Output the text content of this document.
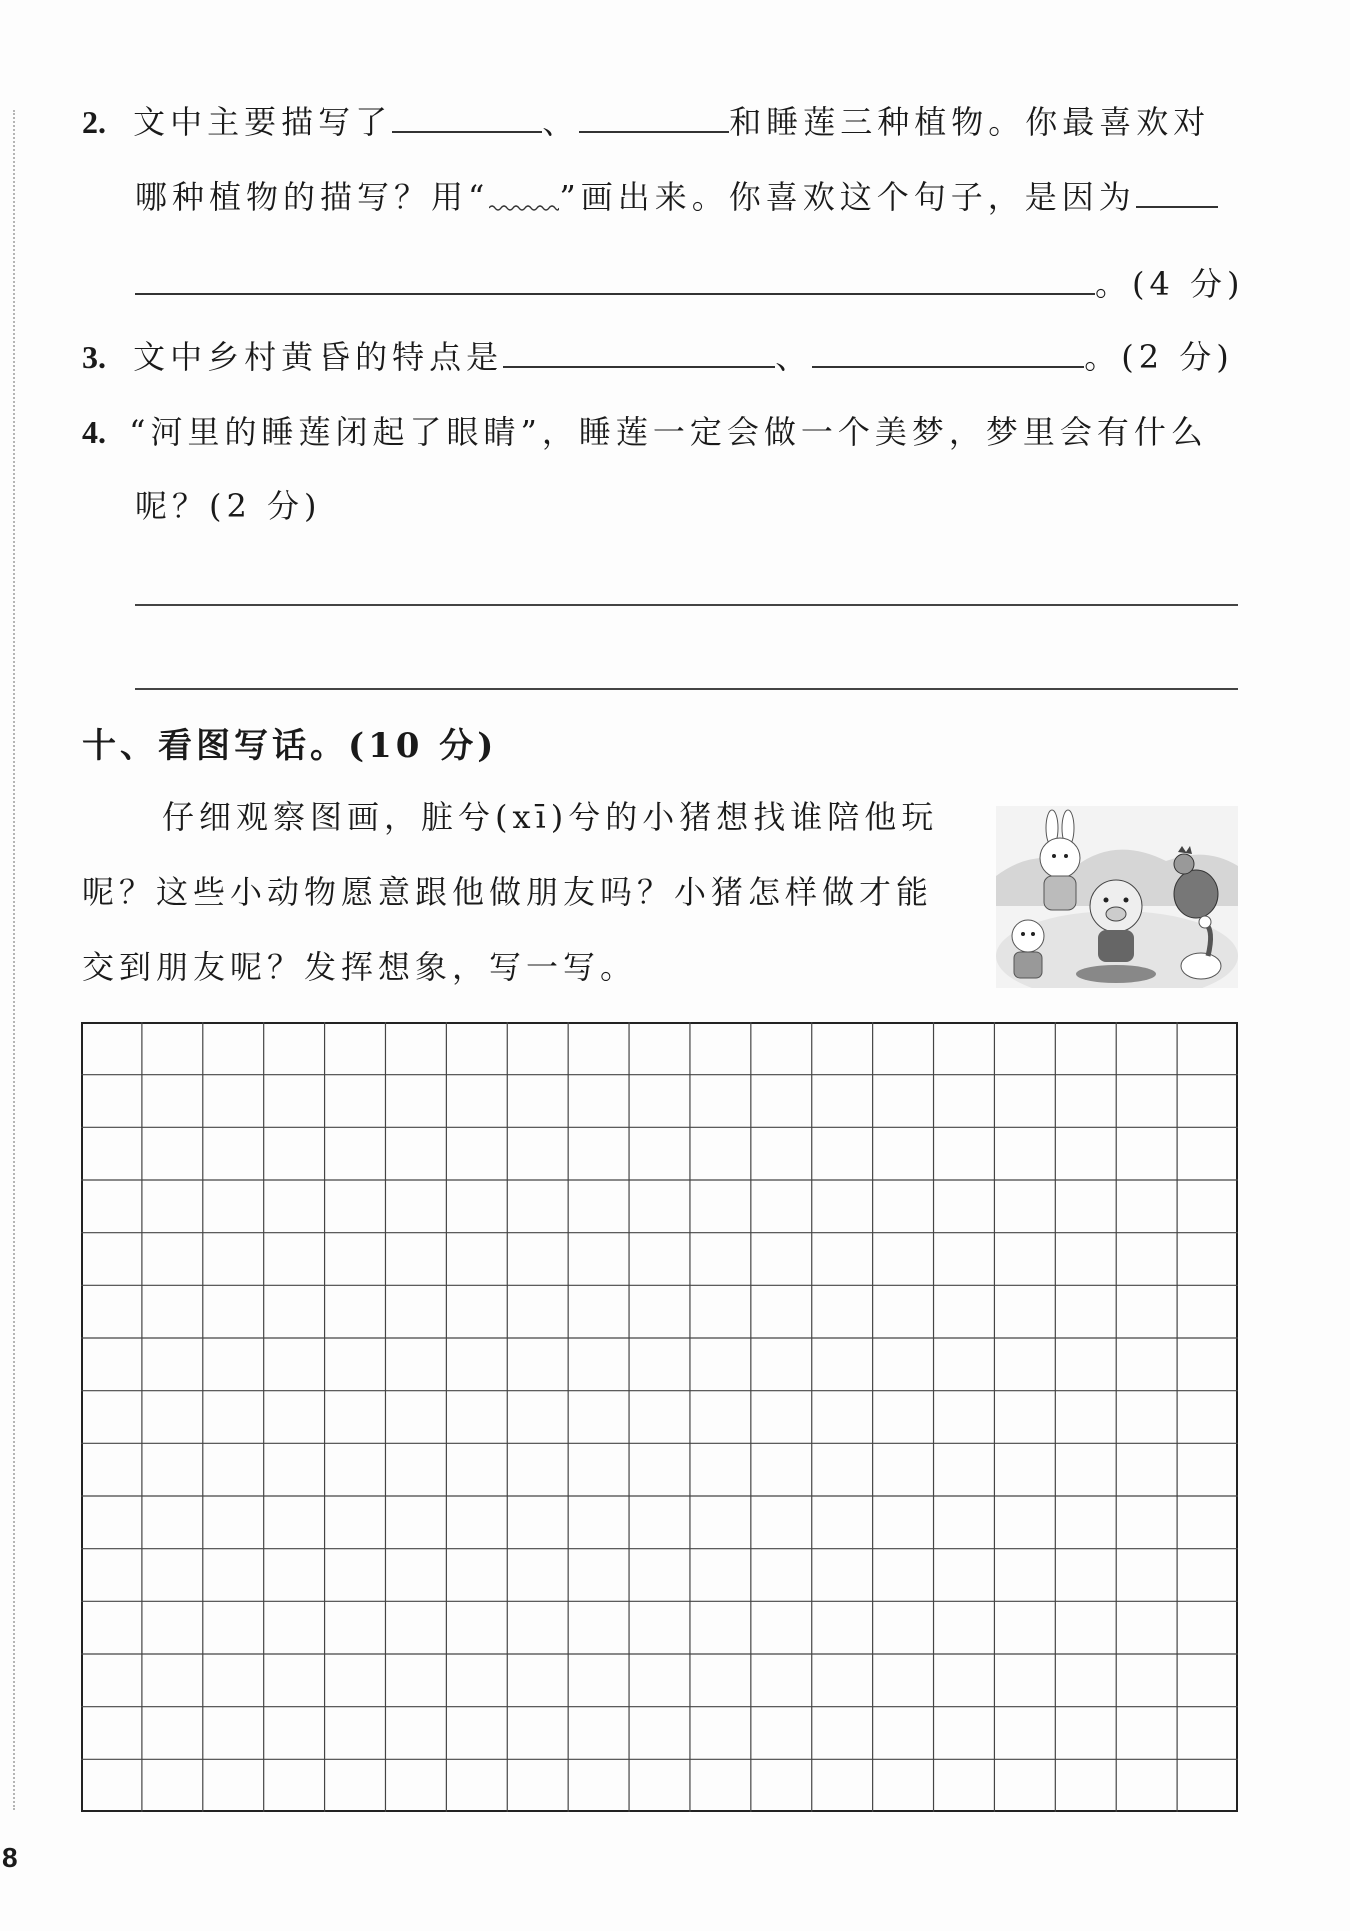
2. 文中主要描写了	、	和睡莲三种植物。你最喜欢对
哪种植物的描写？用“ ”画出来。你喜欢这个句子，是因为
。(4 分)
3. 文中乡村黄昏的特点是	、	。(2 分)
4. “河里的睡莲闭起了眼睛”，睡莲一定会做一个美梦，梦里会有什么
呢？(2 分)
十、看图写话。(10 分)
仔细观察图画，脏兮(xī)兮的小猪想找谁陪他玩
呢？这些小动物愿意跟他做朋友吗？小猪怎样做才能
交到朋友呢？发挥想象，写一写。
8
